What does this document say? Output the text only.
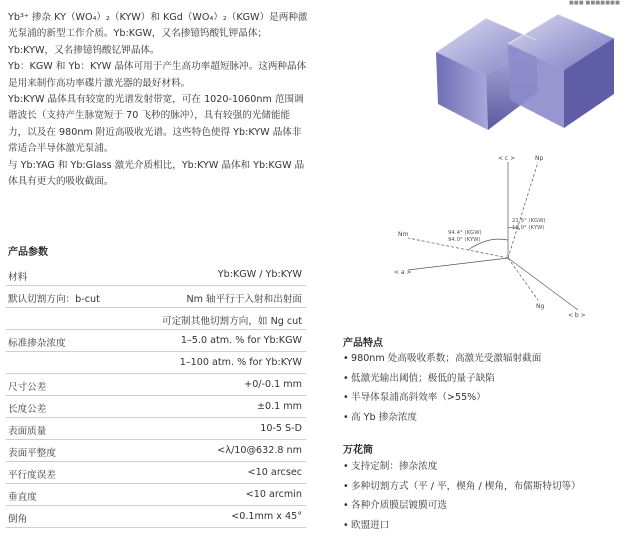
Yb³⁺ 掺杂 KY（WO₄）₂（KYW）和 KGd（WO₄）₂（KGW）是两种激光泵浦的新型工作介质。Yb:KGW，又名掺镱钨酸钆钾晶体；Yb:KYW，又名掺镱钨酸钇钾晶体。

Yb：KGW 和 Yb：KYW 晶体可用于产生高功率超短脉冲。这两种晶体是用来制作高功率碟片激光器的最好材料。

Yb:KYW 晶体具有较宽的光谱发射带宽，可在 1020-1060nm 范围调谐波长（支持产生脉宽短于 70 飞秒的脉冲），具有较强的光储能能力，以及在 980nm 附近高吸收光谱。这些特色使得 Yb:KYW 晶体非常适合半导体激光泵浦。

与 Yb:YAG 和 Yb:Glass 激光介质相比，Yb:KYW 晶体和 Yb:KGW 晶体具有更大的吸收截面。

■■■ ■■■■■■■
< c >	Np
Nm
< a >
Ng
< b >
94.4° (KGW)
94.0° (KYW)
21.5° (KGW)
18.0° (KYW)
产品参数
材料	Yb:KGW / Yb:KYW
默认切割方向：b-cut	Nm 轴平行于入射和出射面
可定制其他切割方向，如 Ng cut
标准掺杂浓度	1–5.0 atm. % for Yb:KGW
1–100 atm. % for Yb:KYW
尺寸公差	+0/-0.1 mm
长度公差	±0.1 mm
表面质量	10-5 S-D
表面平整度	<λ/10@632.8 nm
平行度误差	<10 arcsec
垂直度	<10 arcmin
倒角	<0.1mm x 45°
产品特点
• 980nm 处高吸收系数；高激光受激辐射截面
• 低激光输出阈值；极低的量子缺陷
• 半导体泵浦高斜效率（>55%）
• 高 Yb 掺杂浓度
万花筒
• 支持定制：掺杂浓度
• 多种切割方式（平 / 平，楔角 / 楔角，布儒斯特切等）
• 各种介质膜层镀膜可选
• 欧盟进口
